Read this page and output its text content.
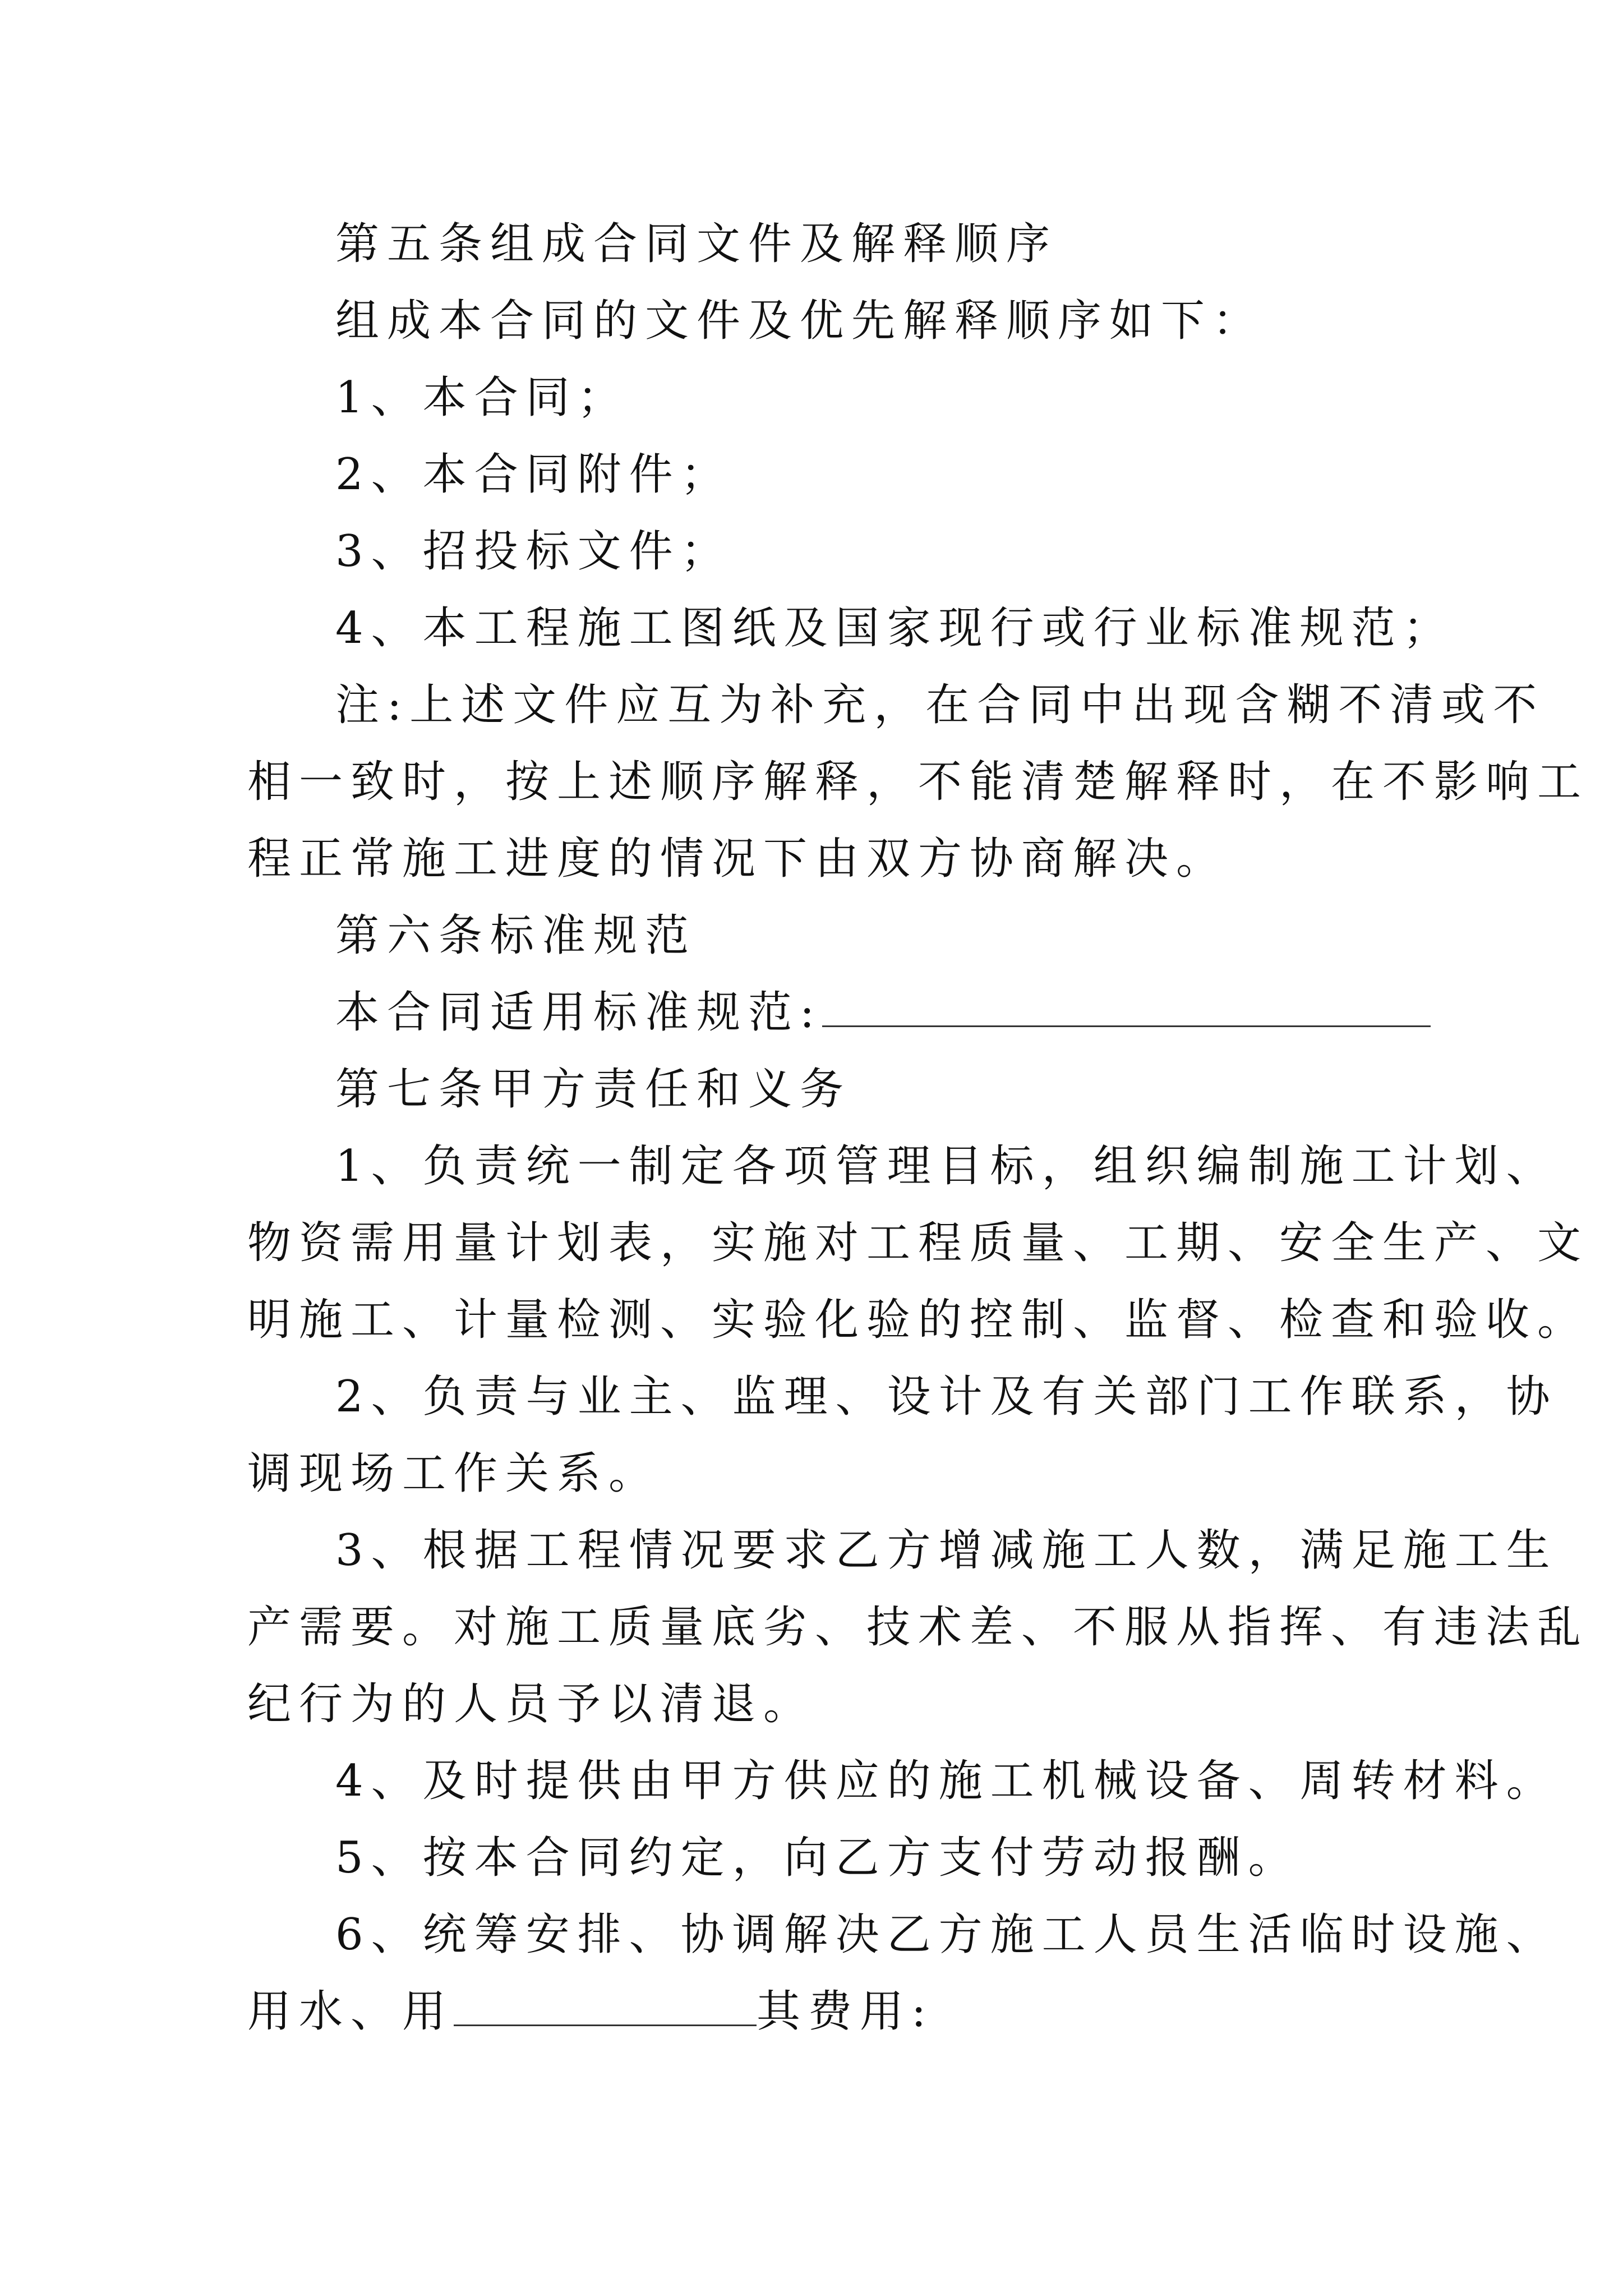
第五条组成合同文件及解释顺序
组成本合同的文件及优先解释顺序如下：
1、本合同；
2、本合同附件；
3、招投标文件；
4、本工程施工图纸及国家现行或行业标准规范；
注:上述文件应互为补充，在合同中出现含糊不清或不
相一致时，按上述顺序解释，不能清楚解释时，在不影响工
程正常施工进度的情况下由双方协商解决。
第六条标准规范
本合同适用标准规范:
第七条甲方责任和义务
1、负责统一制定各项管理目标，组织编制施工计划、
物资需用量计划表，实施对工程质量、工期、安全生产、文
明施工、计量检测、实验化验的控制、监督、检查和验收。
2、负责与业主、监理、设计及有关部门工作联系，协
调现场工作关系。
3、根据工程情况要求乙方增减施工人数，满足施工生
产需要。对施工质量底劣、技术差、不服从指挥、有违法乱
纪行为的人员予以清退。
4、及时提供由甲方供应的施工机械设备、周转材料。
5、按本合同约定，向乙方支付劳动报酬。
6、统筹安排、协调解决乙方施工人员生活临时设施、
用水、用	其费用:
